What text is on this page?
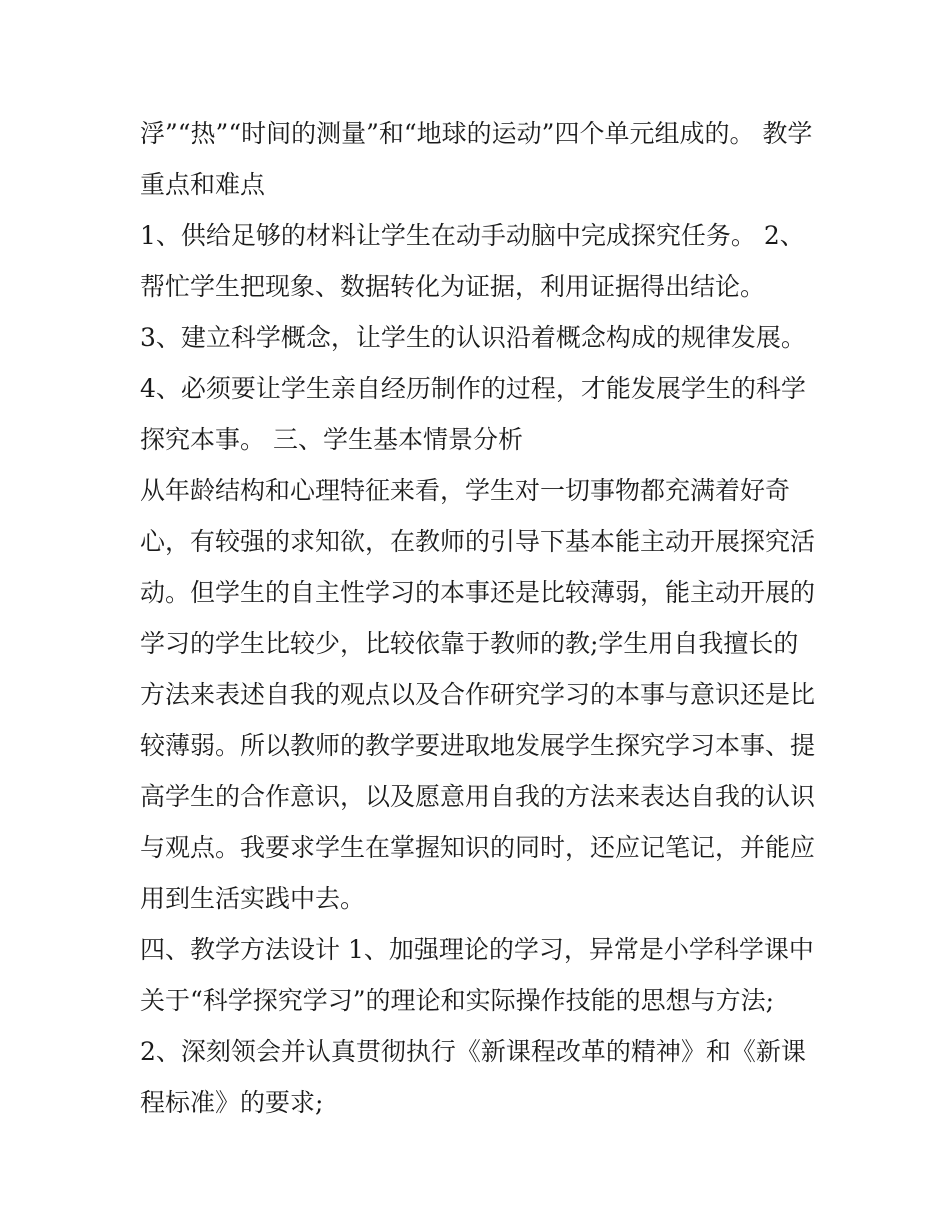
浮”“热”“时间的测量”和“地球的运动”四个单元组成的。 教学
重点和难点
1、供给足够的材料让学生在动手动脑中完成探究任务。 2、
帮忙学生把现象、数据转化为证据，利用证据得出结论。
3、建立科学概念，让学生的认识沿着概念构成的规律发展。
4、必须要让学生亲自经历制作的过程，才能发展学生的科学
探究本事。 三、学生基本情景分析
从年龄结构和心理特征来看，学生对一切事物都充满着好奇
心，有较强的求知欲，在教师的引导下基本能主动开展探究活
动。但学生的自主性学习的本事还是比较薄弱，能主动开展的
学习的学生比较少，比较依靠于教师的教;学生用自我擅长的
方法来表述自我的观点以及合作研究学习的本事与意识还是比
较薄弱。所以教师的教学要进取地发展学生探究学习本事、提
高学生的合作意识，以及愿意用自我的方法来表达自我的认识
与观点。我要求学生在掌握知识的同时，还应记笔记，并能应
用到生活实践中去。
四、教学方法设计 1、加强理论的学习，异常是小学科学课中
关于“科学探究学习”的理论和实际操作技能的思想与方法;
2、深刻领会并认真贯彻执行《新课程改革的精神》和《新课
程标准》的要求;
